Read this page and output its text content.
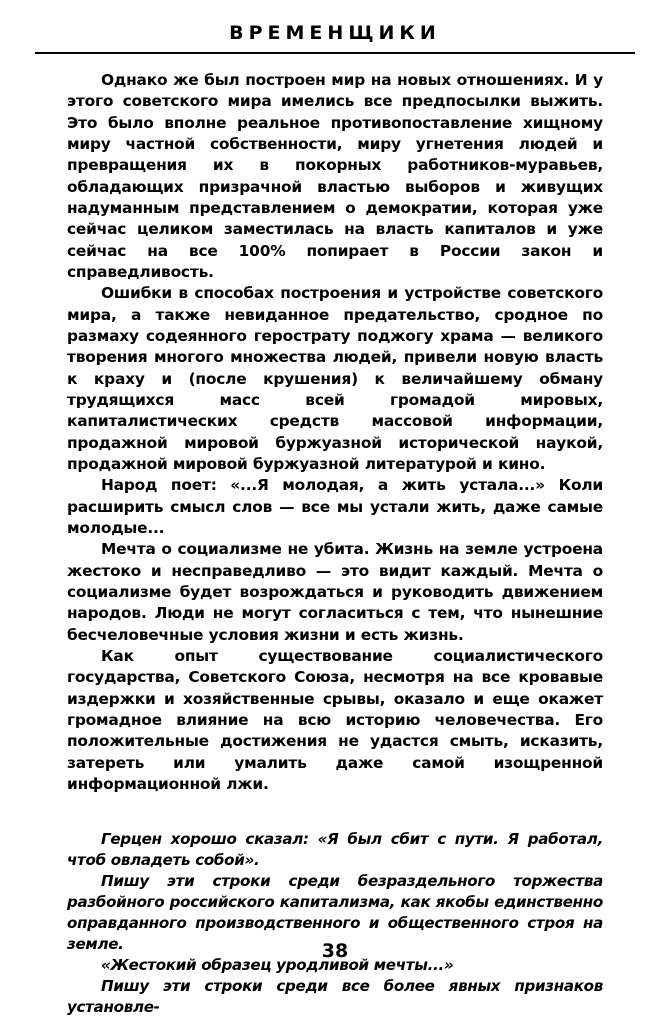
ВРЕМЕНЩИКИ

Однако же был построен мир на новых отношениях. И у этого советского мира имелись все предпосылки выжить. Это было вполне реальное противопоставление хищному миру частной собственности, миру угнетения людей и превращения их в покорных работников-муравьев, обладающих призрачной властью выборов и живущих надуманным представлением о демократии, которая уже сейчас целиком заместилась на власть капиталов и уже сейчас на все 100% попирает в России закон и справедливость.

Ошибки в способах построения и устройстве советского мира, а также невиданное предательство, сродное по размаху содеянного герострату поджогу храма — великого творения многого множества людей, привели новую власть к краху и (после крушения) к величайшему обману трудящихся масс всей громадой мировых, капиталистических средств массовой информации, продажной мировой буржуазной исторической наукой, продажной мировой буржуазной литературой и кино.

Народ поет: «...Я молодая, а жить устала...» Коли расширить смысл слов — все мы устали жить, даже самые молодые...

Мечта о социализме не убита. Жизнь на земле устроена жестоко и несправедливо — это видит каждый. Мечта о социализме будет возрождаться и руководить движением народов. Люди не могут согласиться с тем, что нынешние бесчеловечные условия жизни и есть жизнь.

Как опыт существование социалистического государства, Советского Союза, несмотря на все кровавые издержки и хозяйственные срывы, оказало и еще окажет громадное влияние на всю историю человечества. Его положительные достижения не удастся смыть, исказить, затереть или умалить даже самой изощренной информационной лжи.

Герцен хорошо сказал: «Я был сбит с пути. Я работал, чтоб овладеть собой».

Пишу эти строки среди безраздельного торжества разбойного российского капитализма, как якобы единственно оправданного производственного и общественного строя на земле.

«Жестокий образец уродливой мечты...»

Пишу эти строки среди все более явных признаков установле-

38
